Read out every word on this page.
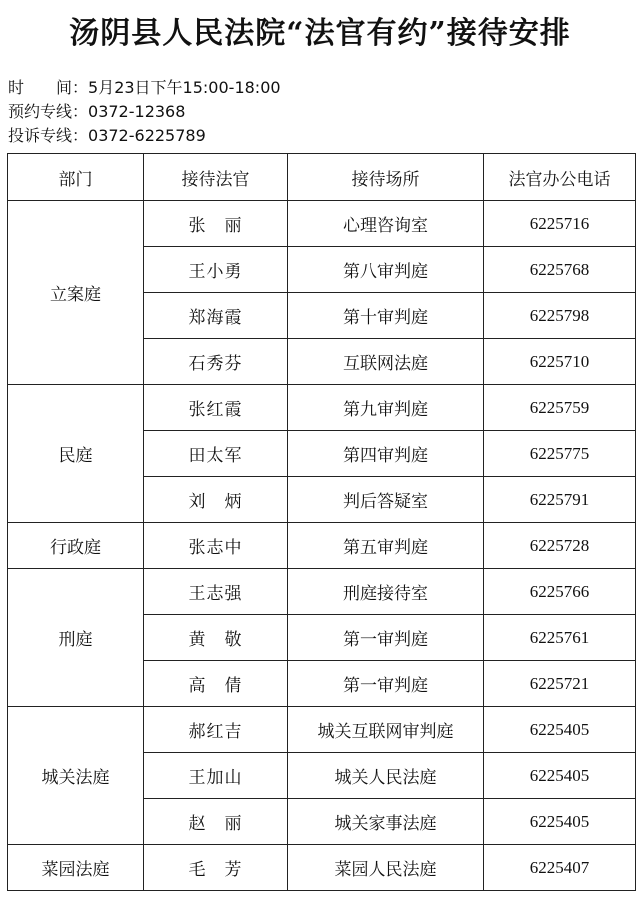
汤阴县人民法院“法官有约”接待安排
时　　间：5月23日下午15:00-18:00
预约专线：0372-12368
投诉专线：0372-6225789
部门	接待法官	接待场所	法官办公电话
立案庭	张　丽	心理咨询室	6225716
	王小勇	第八审判庭	6225768
	郑海霞	第十审判庭	6225798
	石秀芬	互联网法庭	6225710
民庭	张红霞	第九审判庭	6225759
	田太军	第四审判庭	6225775
	刘　炳	判后答疑室	6225791
行政庭	张志中	第五审判庭	6225728
刑庭	王志强	刑庭接待室	6225766
	黄　敬	第一审判庭	6225761
	高　倩	第一审判庭	6225721
城关法庭	郝红吉	城关互联网审判庭	6225405
	王加山	城关人民法庭	6225405
	赵　丽	城关家事法庭	6225405
菜园法庭	毛　芳	菜园人民法庭	6225407
